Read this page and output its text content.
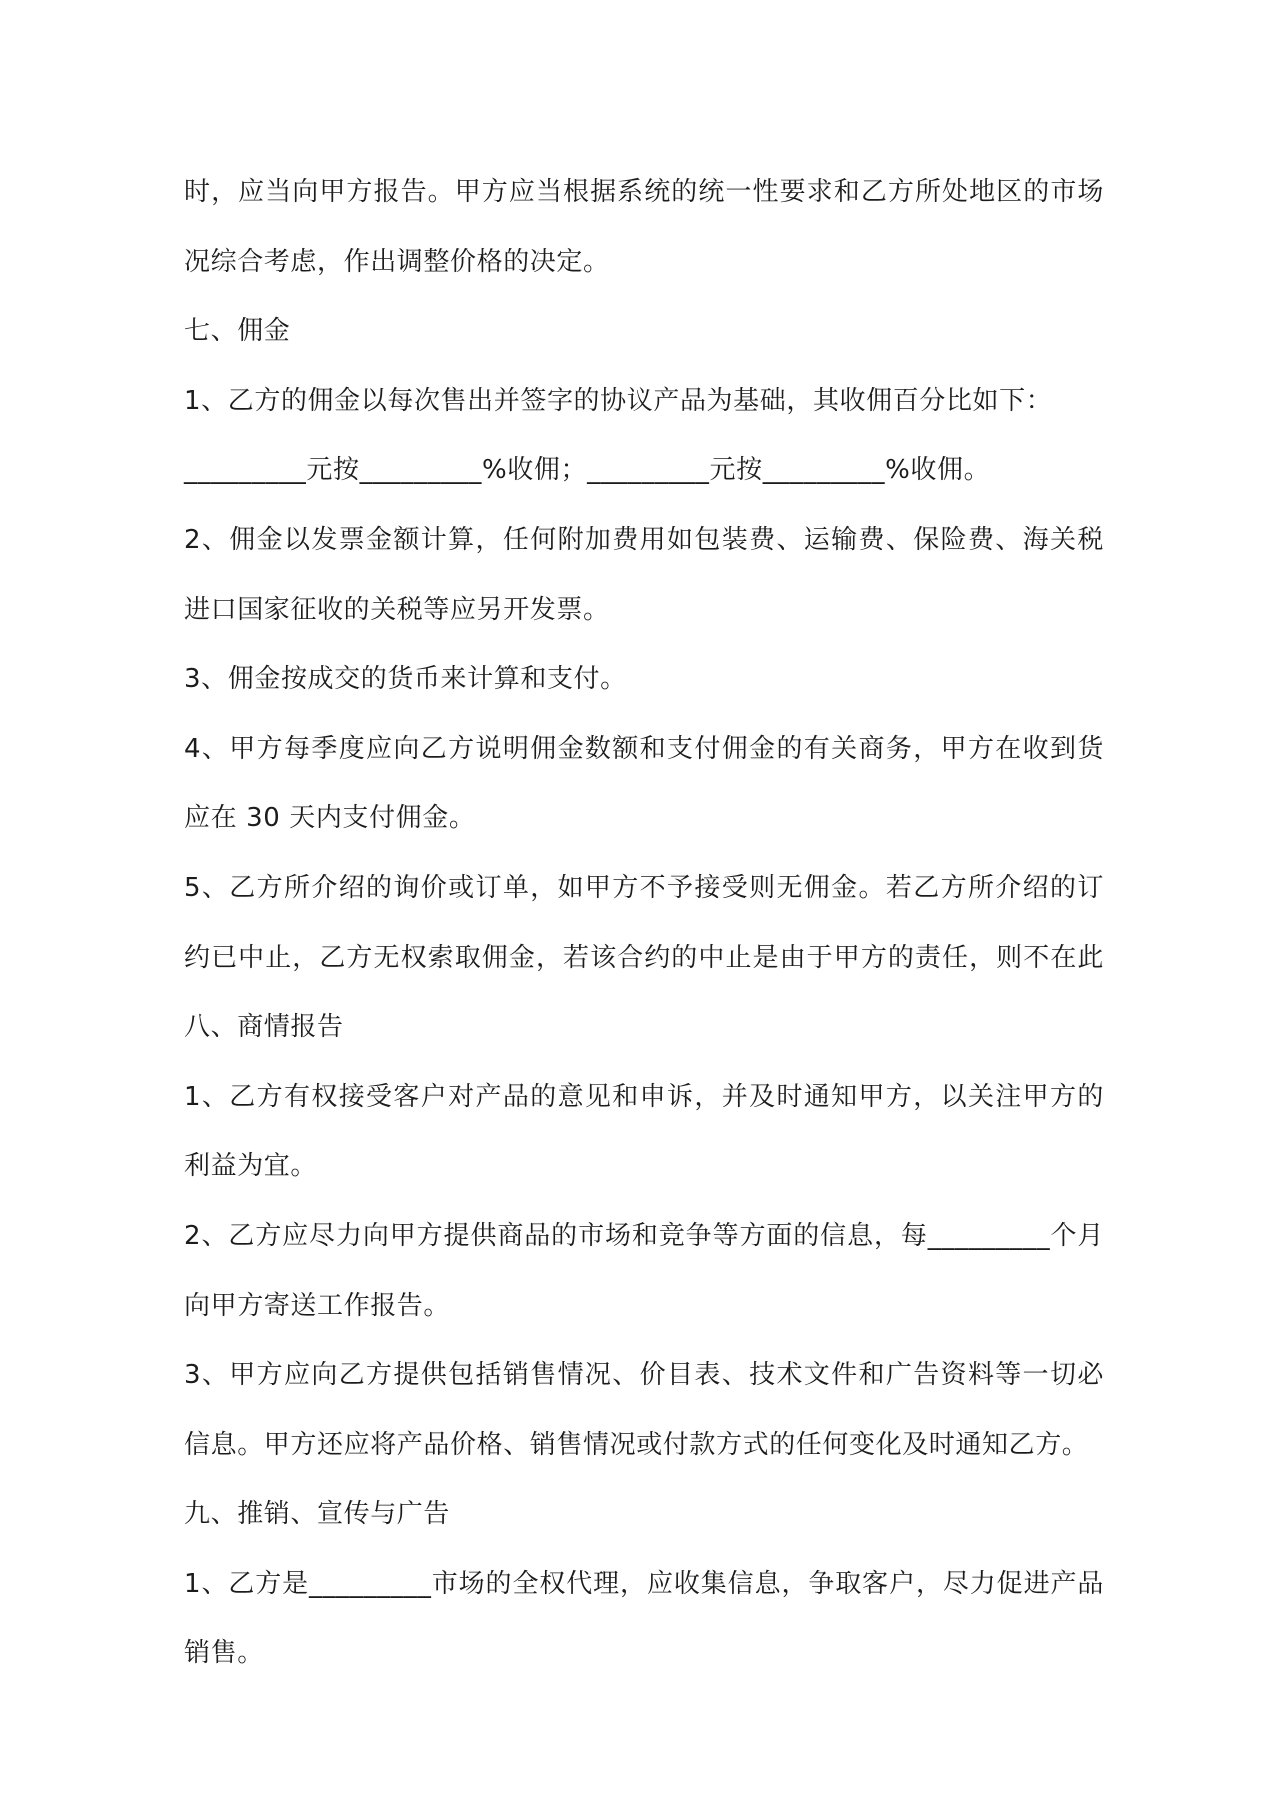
时，应当向甲方报告。甲方应当根据系统的统一性要求和乙方所处地区的市场
况综合考虑，作出调整价格的决定。
七、佣金
1、乙方的佣金以每次售出并签字的协议产品为基础，其收佣百分比如下：
_________元按_________%收佣；_________元按_________%收佣。
2、佣金以发票金额计算，任何附加费用如包装费、运输费、保险费、海关税
进口国家征收的关税等应另开发票。
3、佣金按成交的货币来计算和支付。
4、甲方每季度应向乙方说明佣金数额和支付佣金的有关商务，甲方在收到货
应在 30 天内支付佣金。
5、乙方所介绍的询价或订单，如甲方不予接受则无佣金。若乙方所介绍的订
约已中止，乙方无权索取佣金，若该合约的中止是由于甲方的责任，则不在此
八、商情报告
1、乙方有权接受客户对产品的意见和申诉，并及时通知甲方，以关注甲方的
利益为宜。
2、乙方应尽力向甲方提供商品的市场和竞争等方面的信息，每_________个月
向甲方寄送工作报告。
3、甲方应向乙方提供包括销售情况、价目表、技术文件和广告资料等一切必
信息。甲方还应将产品价格、销售情况或付款方式的任何变化及时通知乙方。
九、推销、宣传与广告
1、乙方是_________市场的全权代理，应收集信息，争取客户，尽力促进产品
销售。
